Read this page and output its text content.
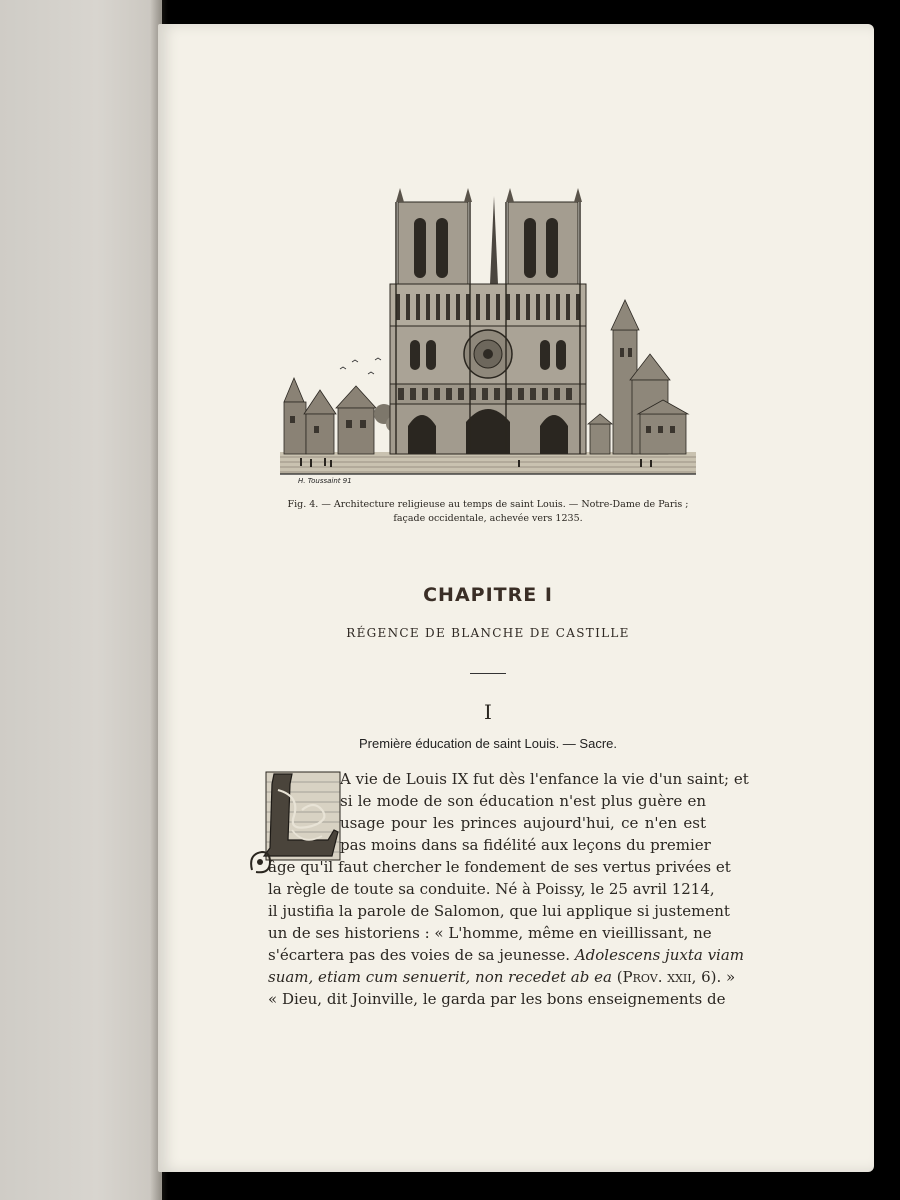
H. Toussaint 91
Fig. 4. — Architecture religieuse au temps de saint Louis. — Notre-Dame de Paris ;
façade occidentale, achevée vers 1235.
CHAPITRE I
RÉGENCE DE BLANCHE DE CASTILLE
I
Première éducation de saint Louis. — Sacre.
L
A vie de Louis IX fut dès l'enfance la vie d'un saint; et
si le mode de son éducation n'est plus guère en
usage pour les princes aujourd'hui, ce n'en est
pas moins dans sa fidélité aux leçons du premier
âge qu'il faut chercher le fondement de ses vertus privées et
la règle de toute sa conduite. Né à Poissy, le 25 avril 1214,
il justifia la parole de Salomon, que lui applique si justement
un de ses historiens : « L'homme, même en vieillissant, ne
s'écartera pas des voies de sa jeunesse. Adolescens juxta viam
suam, etiam cum senuerit, non recedet ab ea (Prov. xxii, 6). »
« Dieu, dit Joinville, le garda par les bons enseignements de
